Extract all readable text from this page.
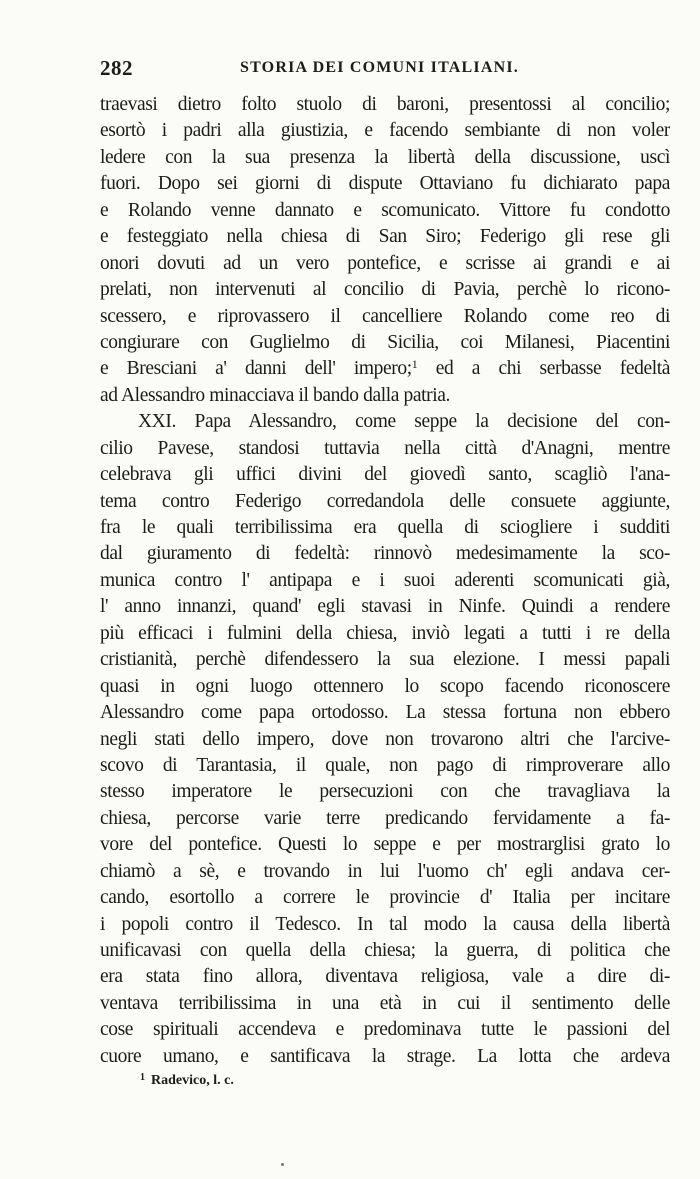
282	STORIA DEI COMUNI ITALIANI.
traevasi dietro folto stuolo di baroni, presentossi al concilio;
esortò i padri alla giustizia, e facendo sembiante di non voler
ledere con la sua presenza la libertà della discussione, uscì
fuori. Dopo sei giorni di dispute Ottaviano fu dichiarato papa
e Rolando venne dannato e scomunicato. Vittore fu condotto
e festeggiato nella chiesa di San Siro; Federigo gli rese gli
onori dovuti ad un vero pontefice, e scrisse ai grandi e ai
prelati, non intervenuti al concilio di Pavia, perchè lo ricono-
scessero, e riprovassero il cancelliere Rolando come reo di
congiurare con Guglielmo di Sicilia, coi Milanesi, Piacentini
e Bresciani a' danni dell' impero;$^1$ ed a chi serbasse fedeltà
ad Alessandro minacciava il bando dalla patria.
XXI. Papa Alessandro, come seppe la decisione del con-
cilio Pavese, standosi tuttavia nella città d'Anagni, mentre
celebrava gli uffici divini del giovedì santo, scagliò l'ana-
tema contro Federigo corredandola delle consuete aggiunte,
fra le quali terribilissima era quella di sciogliere i sudditi
dal giuramento di fedeltà: rinnovò medesimamente la sco-
munica contro l' antipapa e i suoi aderenti scomunicati già,
l' anno innanzi, quand' egli stavasi in Ninfe. Quindi a rendere
più efficaci i fulmini della chiesa, inviò legati a tutti i re della
cristianità, perchè difendessero la sua elezione. I messi papali
quasi in ogni luogo ottennero lo scopo facendo riconoscere
Alessandro come papa ortodosso. La stessa fortuna non ebbero
negli stati dello impero, dove non trovarono altri che l'arcive-
scovo di Tarantasia, il quale, non pago di rimproverare allo
stesso imperatore le persecuzioni con che travagliava la
chiesa, percorse varie terre predicando fervidamente a fa-
vore del pontefice. Questi lo seppe e per mostrarglisi grato lo
chiamò a sè, e trovando in lui l'uomo ch' egli andava cer-
cando, esortollo a correre le provincie d' Italia per incitare
i popoli contro il Tedesco. In tal modo la causa della libertà
unificavasi con quella della chiesa; la guerra, di politica che
era stata fino allora, diventava religiosa, vale a dire di-
ventava terribilissima in una età in cui il sentimento delle
cose spirituali accendeva e predominava tutte le passioni del
cuore umano, e santificava la strage. La lotta che ardeva
$^1$ Radevico, l. c.
